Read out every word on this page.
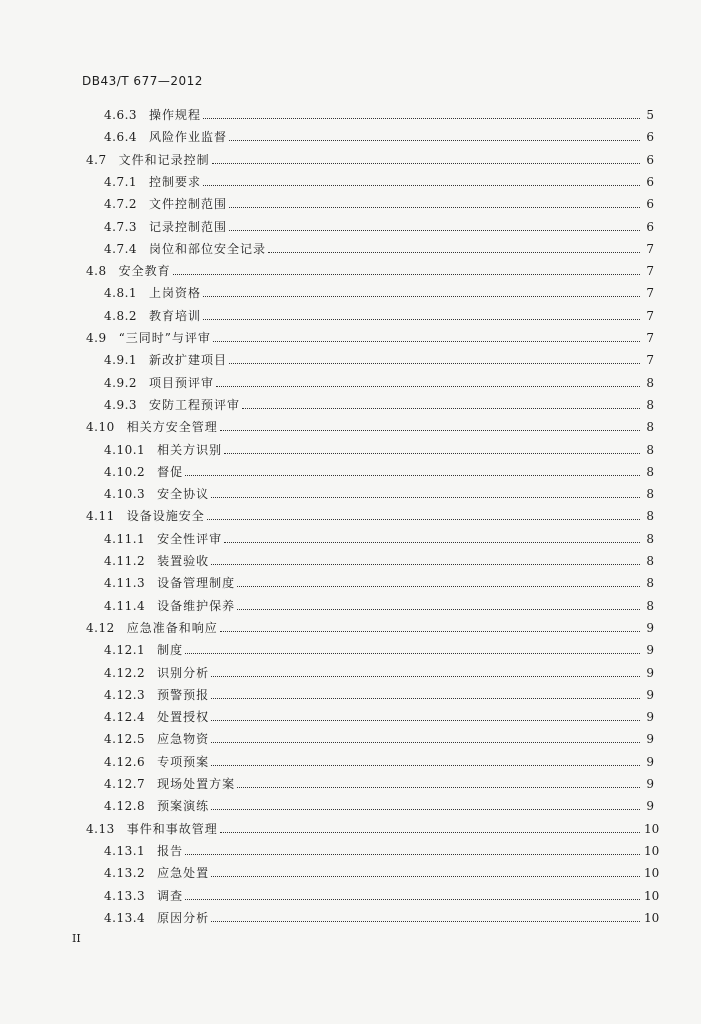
DB43/T 677—2012
4.6.3 操作规程	5
4.6.4 风险作业监督	6
4.7 文件和记录控制	6
4.7.1 控制要求	6
4.7.2 文件控制范围	6
4.7.3 记录控制范围	6
4.7.4 岗位和部位安全记录	7
4.8 安全教育	7
4.8.1 上岗资格	7
4.8.2 教育培训	7
4.9 “三同时”与评审	7
4.9.1 新改扩建项目	7
4.9.2 项目预评审	8
4.9.3 安防工程预评审	8
4.10 相关方安全管理	8
4.10.1 相关方识别	8
4.10.2 督促	8
4.10.3 安全协议	8
4.11 设备设施安全	8
4.11.1 安全性评审	8
4.11.2 装置验收	8
4.11.3 设备管理制度	8
4.11.4 设备维护保养	8
4.12 应急准备和响应	9
4.12.1 制度	9
4.12.2 识别分析	9
4.12.3 预警预报	9
4.12.4 处置授权	9
4.12.5 应急物资	9
4.12.6 专项预案	9
4.12.7 现场处置方案	9
4.12.8 预案演练	9
4.13 事件和事故管理	10
4.13.1 报告	10
4.13.2 应急处置	10
4.13.3 调查	10
4.13.4 原因分析	10
II
